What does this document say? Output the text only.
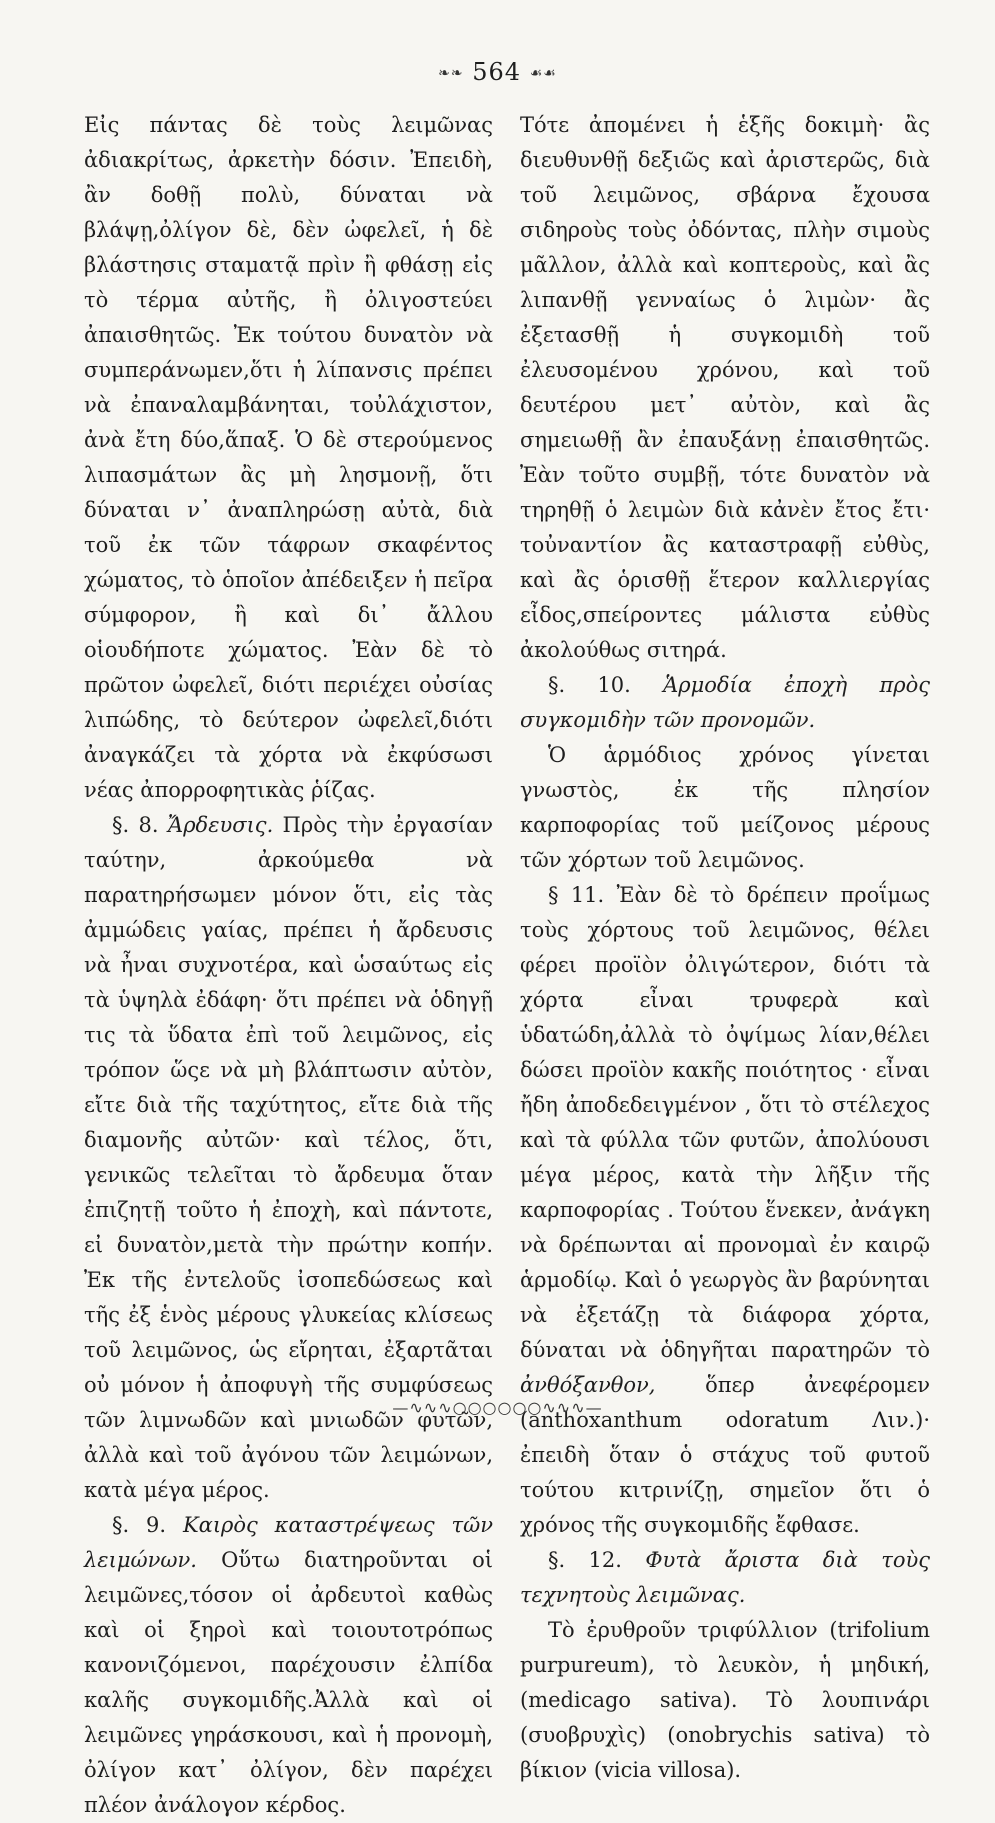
❧❧ 564 ☙☙

Εἰς πάντας δὲ τοὺς λειμῶνας ἀδιακρίτως, ἀρκετὴν δόσιν. Ἐπειδὴ, ἂν δοθῇ πολὺ, δύναται νὰ βλάψῃ,ὀλίγον δὲ, δὲν ὠφελεῖ, ἡ δὲ βλάστησις σταματᾷ πρὶν ἢ φθάσῃ εἰς τὸ τέρμα αὐτῆς, ἢ ὀλιγοστεύει ἀπαισθητῶς. Ἐκ τούτου δυνατὸν νὰ συμπεράνωμεν,ὅτι ἡ λίπανσις πρέπει νὰ ἐπαναλαμβάνηται, τοὐλάχιστον, ἀνὰ ἔτη δύο,ἅπαξ. Ὁ δὲ στερούμενος λιπασμάτων ἂς μὴ λησμονῇ, ὅτι δύναται ν᾽ ἀναπληρώσῃ αὐτὰ, διὰ τοῦ ἐκ τῶν τάφρων σκαφέντος χώματος, τὸ ὁποῖον ἀπέδειξεν ἡ πεῖρα σύμφορον, ἢ καὶ δι᾽ ἄλλου οἱουδήποτε χώματος. Ἐὰν δὲ τὸ πρῶτον ὠφελεῖ, διότι περιέχει οὐσίας λιπώδης, τὸ δεύτερον ὠφελεῖ,διότι ἀναγκάζει τὰ χόρτα νὰ ἐκφύσωσι νέας ἀπορροφητικὰς ῥίζας.

§. 8. Ἄρδευσις. Πρὸς τὴν ἐργασίαν ταύτην, ἀρκούμεθα νὰ παρατηρήσωμεν μόνον ὅτι, εἰς τὰς ἀμμώδεις γαίας, πρέπει ἡ ἄρδευσις νὰ ἦναι συχνοτέρα, καὶ ὡσαύτως εἰς τὰ ὑψηλὰ ἐδάφη· ὅτι πρέπει νὰ ὁδηγῇ τις τὰ ὕδατα ἐπὶ τοῦ λειμῶνος, εἰς τρόπον ὥςε νὰ μὴ βλάπτωσιν αὐτὸν, εἴτε διὰ τῆς ταχύτητος, εἴτε διὰ τῆς διαμονῆς αὐτῶν· καὶ τέλος, ὅτι, γενικῶς τελεῖται τὸ ἄρδευμα ὅταν ἐπιζητῇ τοῦτο ἡ ἐποχὴ, καὶ πάντοτε, εἰ δυνατὸν,μετὰ τὴν πρώτην κοπήν. Ἐκ τῆς ἐντελοῦς ἰσοπεδώσεως καὶ τῆς ἐξ ἑνὸς μέρους γλυκείας κλίσεως τοῦ λειμῶνος, ὡς εἴρηται, ἐξαρτᾶται οὐ μόνον ἡ ἀποφυγὴ τῆς συμφύσεως τῶν λιμνωδῶν καὶ μνιωδῶν φυτῶν, ἀλλὰ καὶ τοῦ ἀγόνου τῶν λειμώνων, κατὰ μέγα μέρος.

§. 9. Καιρὸς καταστρέψεως τῶν λειμώνων. Οὕτω διατηροῦνται οἱ λειμῶνες,τόσον οἱ ἀρδευτοὶ καθὼς καὶ οἱ ξηροὶ καὶ τοιουτοτρόπως κανονιζόμενοι, παρέχουσιν ἐλπίδα καλῆς συγκομιδῆς.Ἀλλὰ καὶ οἱ λειμῶνες γηράσκουσι, καὶ ἡ προνομὴ, ὀλίγον κατ᾽ ὀλίγον, δὲν παρέχει πλέον ἀνάλογον κέρδος.

Τότε ἀπομένει ἡ ἑξῆς δοκιμὴ· ἂς διευθυνθῇ δεξιῶς καὶ ἀριστερῶς, διὰ τοῦ λειμῶνος, σβάρνα ἔχουσα σιδηροὺς τοὺς ὀδόντας, πλὴν σιμοὺς μᾶλλον, ἀλλὰ καὶ κοπτεροὺς, καὶ ἂς λιπανθῇ γενναίως ὁ λιμὼν· ἂς ἐξετασθῇ ἡ συγκομιδὴ τοῦ ἐλευσομένου χρόνου, καὶ τοῦ δευτέρου μετ᾽ αὐτὸν, καὶ ἂς σημειωθῇ ἂν ἐπαυξάνῃ ἐπαισθητῶς. Ἐὰν τοῦτο συμβῇ, τότε δυνατὸν νὰ τηρηθῇ ὁ λειμὼν διὰ κἀνὲν ἔτος ἔτι· τοὐναντίον ἂς καταστραφῇ εὐθὺς, καὶ ἂς ὁρισθῇ ἕτερον καλλιεργίας εἶδος,σπείροντες μάλιστα εὐθὺς ἀκολούθως σιτηρά.

§. 10. Ἁρμοδία ἐποχὴ πρὸς συγκομιδὴν τῶν προνομῶν.

Ὁ ἁρμόδιος χρόνος γίνεται γνωστὸς, ἐκ τῆς πλησίον καρποφορίας τοῦ μείζονος μέρους τῶν χόρτων τοῦ λειμῶνος.

§ 11. Ἐὰν δὲ τὸ δρέπειν προΐμως τοὺς χόρτους τοῦ λειμῶνος, θέλει φέρει προϊὸν ὀλιγώτερον, διότι τὰ χόρτα εἶναι τρυφερὰ καὶ ὑδατώδη,ἀλλὰ τὸ ὀψίμως λίαν,θέλει δώσει προϊὸν κακῆς ποιότητος · εἶναι ἤδη ἀποδεδειγμένον , ὅτι τὸ στέλεχος καὶ τὰ φύλλα τῶν φυτῶν, ἀπολύουσι μέγα μέρος, κατὰ τὴν λῆξιν τῆς καρποφορίας . Τούτου ἕνεκεν, ἀνάγκη νὰ δρέπωνται αἱ προνομαὶ ἐν καιρῷ ἁρμοδίῳ. Καὶ ὁ γεωργὸς ἂν βαρύνηται νὰ ἐξετάζῃ τὰ διάφορα χόρτα, δύναται νὰ ὁδηγῆται παρατηρῶν τὸ ἀνθόξανθον, ὅπερ ἀνεφέρομεν (anthoxanthum odoratum Λιν.)· ἐπειδὴ ὅταν ὁ στάχυς τοῦ φυτοῦ τούτου κιτρινίζῃ, σημεῖον ὅτι ὁ χρόνος τῆς συγκομιδῆς ἔφθασε.

§. 12. Φυτὰ ἄριστα διὰ τοὺς τεχνητοὺς λειμῶνας.

Τὸ ἐρυθροῦν τριφύλλιον (trifolium purpureum), τὸ λευκὸν, ἡ μηδική, (medicago sativa). Τὸ λουπινάρι (συοβρυχὶς) (onobrychis sativa) τὸ βίκιον (vicia villosa).

—∿∿∿○○○○○○∿∿∿—
